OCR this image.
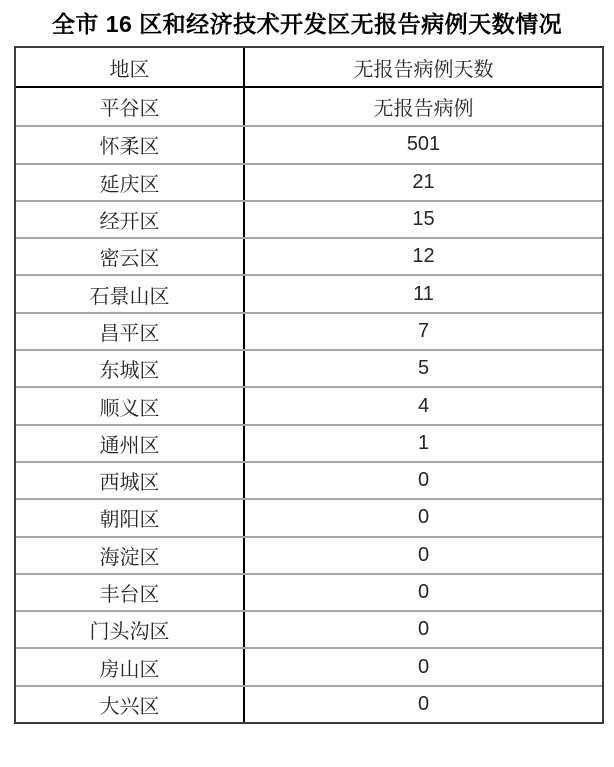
全市 16 区和经济技术开发区无报告病例天数情况
地区	无报告病例天数
平谷区	无报告病例
怀柔区	501
延庆区	21
经开区	15
密云区	12
石景山区	11
昌平区	7
东城区	5
顺义区	4
通州区	1
西城区	0
朝阳区	0
海淀区	0
丰台区	0
门头沟区	0
房山区	0
大兴区	0
